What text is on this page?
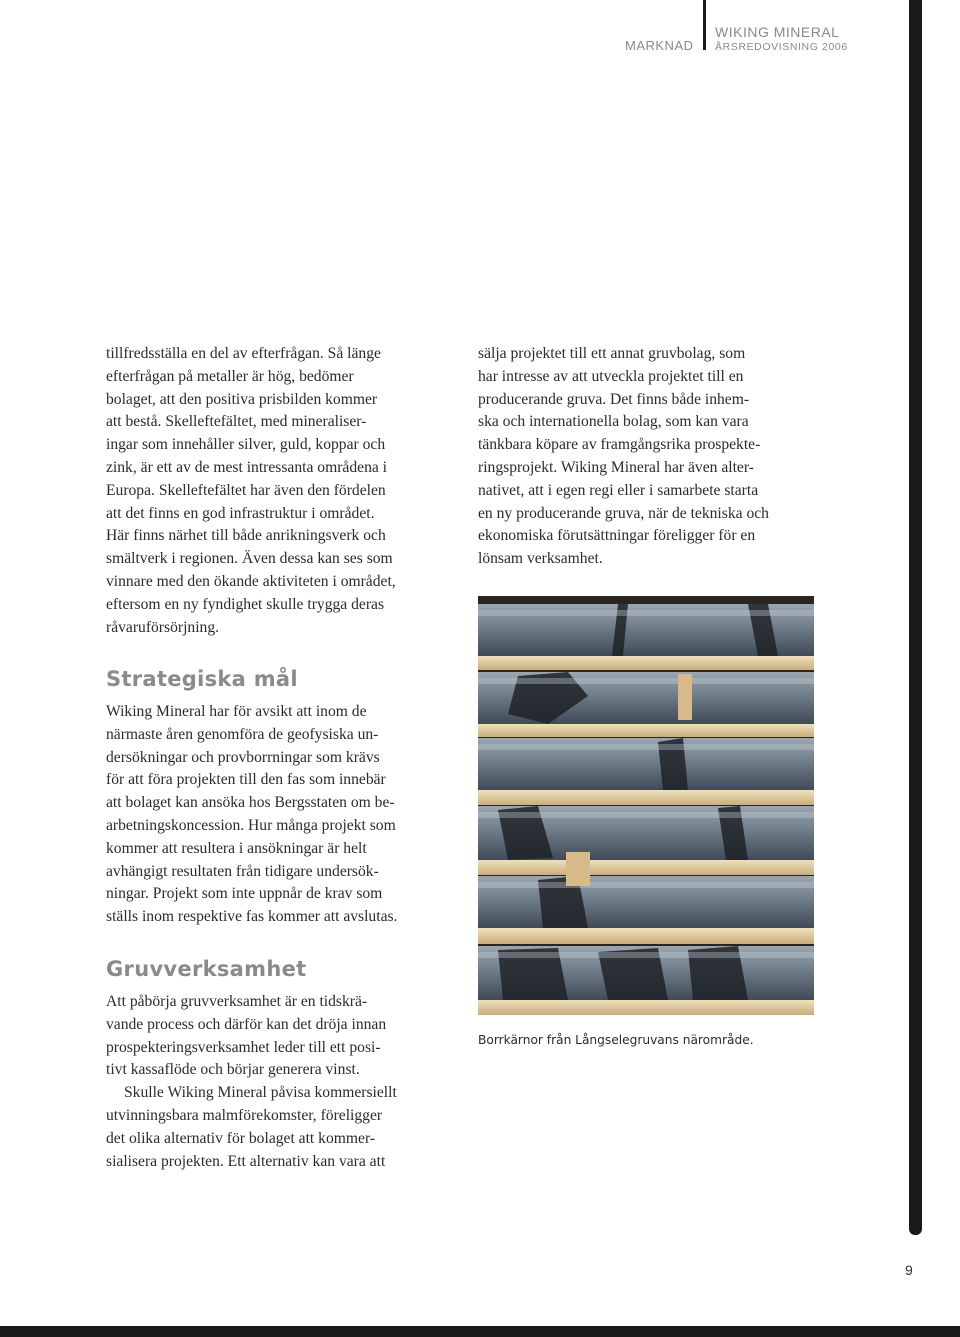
MARKNAD
WIKING MINERAL
ÅRSREDOVISNING 2006

tillfredsställa en del av efterfrågan. Så länge

efterfrågan på metaller är hög, bedömer

bolaget, att den positiva prisbilden kommer

att bestå. Skelleftefältet, med mineraliser-

ingar som innehåller silver, guld, koppar och

zink, är ett av de mest intressanta områdena i

Europa. Skelleftefältet har även den fördelen

att det finns en god infrastruktur i området.

Här finns närhet till både anrikningsverk och

smältverk i regionen. Även dessa kan ses som

vinnare med den ökande aktiviteten i området,

eftersom en ny fyndighet skulle trygga deras

råvaruförsörjning.

Strategiska mål

Wiking Mineral har för avsikt att inom de

närmaste åren genomföra de geofysiska un-

dersökningar och provborrningar som krävs

för att föra projekten till den fas som innebär

att bolaget kan ansöka hos Bergsstaten om be-

arbetningskoncession. Hur många projekt som

kommer att resultera i ansökningar är helt

avhängigt resultaten från tidigare undersök-

ningar. Projekt som inte uppnår de krav som

ställs inom respektive fas kommer att avslutas.

Gruvverksamhet

Att påbörja gruvverksamhet är en tidskrä-

vande process och därför kan det dröja innan

prospekteringsverksamhet leder till ett posi-

tivt kassaflöde och börjar generera vinst.

Skulle Wiking Mineral påvisa kommersiellt

utvinningsbara malmförekomster, föreligger

det olika alternativ för bolaget att kommer-

sialisera projekten. Ett alternativ kan vara att

sälja projektet till ett annat gruvbolag, som

har intresse av att utveckla projektet till en

producerande gruva. Det finns både inhem-

ska och internationella bolag, som kan vara

tänkbara köpare av framgångsrika prospekte-

ringsprojekt. Wiking Mineral har även alter-

nativet, att i egen regi eller i samarbete starta

en ny producerande gruva, när de tekniska och

ekonomiska förutsättningar föreligger för en

lönsam verksamhet.

Borrkärnor från Långselegruvans närområde.
9
